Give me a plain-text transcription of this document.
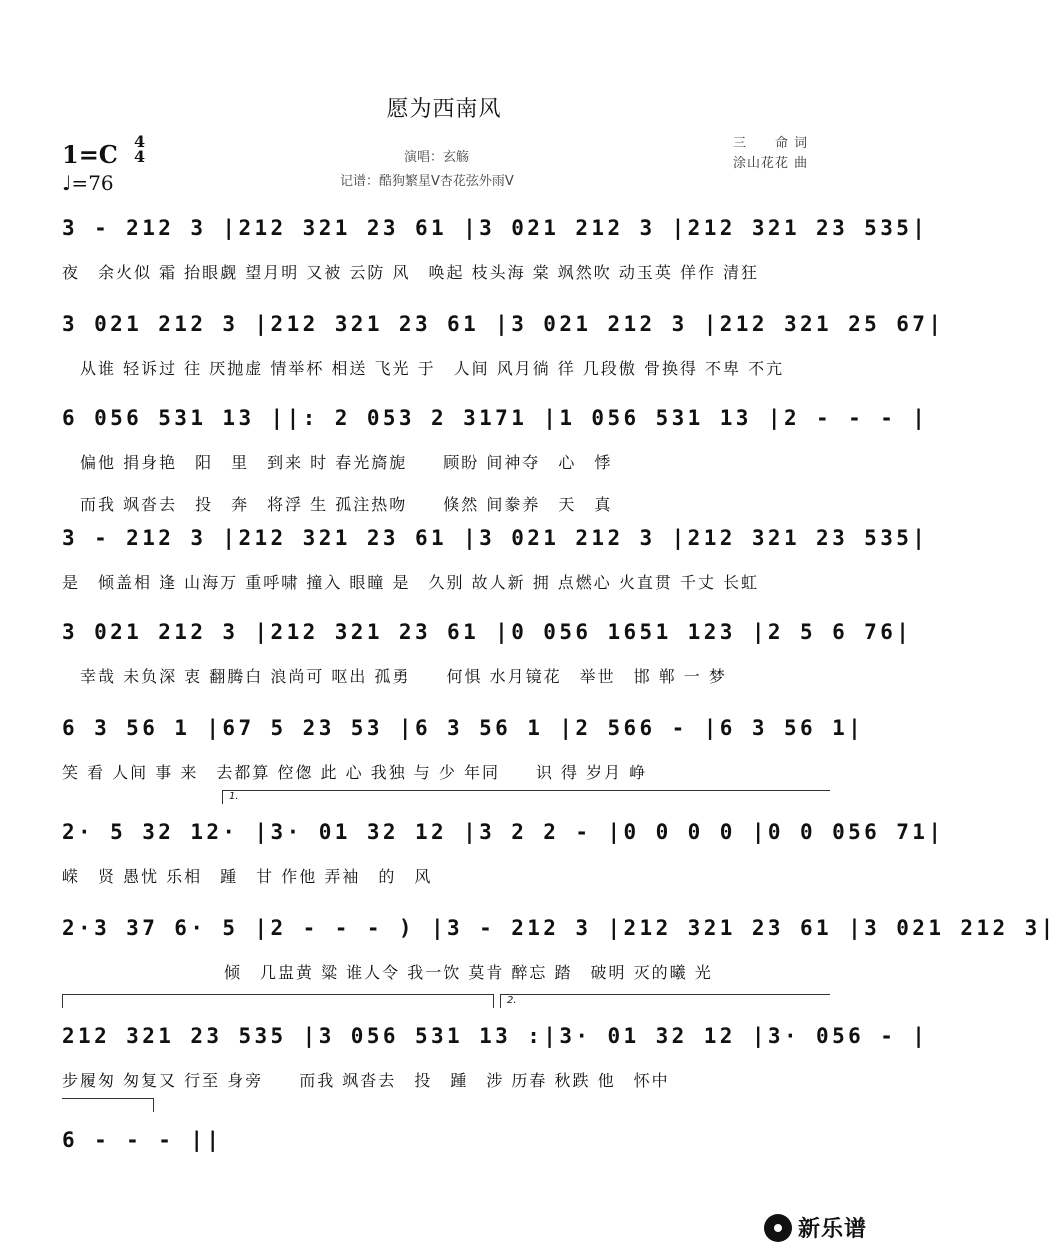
愿为西南风
1=C 4
4
♩=76
演唱：玄觞
记谱：酷狗繁星V杏花弦外雨V
三　　命 词
涂山花花 曲
3 - 212 3 |212 321 23 61 |3 021 212 3 |212 321 23 535|
夜　余火似 霜 抬眼觑 望月明 又被 云防 风　唤起 枝头海 棠 飒然吹 动玉英 佯作 清狂
3 021 212 3 |212 321 23 61 |3 021 212 3 |212 321 25 67|
　从谁 轻诉过 往 厌抛虚 情举杯 相送 飞光 于　人间 风月徜 徉 几段傲 骨换得 不卑 不亢
6 056 531 13 ||: 2 053 2 3171 |1 056 531 13 |2 - - - |
　偏他 捐身艳　阳　里　到来 时 春光旖旎　　顾盼 间神夺　心　悸
　而我 飒沓去　投　奔　将浮 生 孤注热吻　　倏然 间豢养　天　真
3 - 212 3 |212 321 23 61 |3 021 212 3 |212 321 23 535|
是　倾盖相 逢 山海万 重呼啸 撞入 眼瞳 是　久别 故人新 拥 点燃心 火直贯 千丈 长虹
3 021 212 3 |212 321 23 61 |0 056 1651 123 |2 5 6 76|
　幸哉 未负深 衷 翻腾白 浪尚可 呕出 孤勇　　何惧 水月镜花　举世　邯 郸 一 梦
6 3 56 1 |67 5 23 53 |6 3 56 1 |2 566 - |6 3 56 1|
笑 看 人间 事 来　去都算 倥偬 此 心 我独 与 少 年同　　识 得 岁月 峥
1.
2· 5 32 12· |3· 01 32 12 |3 2 2 - |0 0 0 0 |0 0 056 71|
嵘　贤 愚忧 乐相　踵　甘 作他 弄袖　的　风
2·3 37 6· 5 |2 - - - ) |3 - 212 3 |212 321 23 61 |3 021 212 3|
　　　　　　　　　倾　几盅黄 粱 谁人令 我一饮 莫肯 醉忘 踏　破明 灭的曦 光
2.
212 321 23 535 |3 056 531 13 :|3· 01 32 12 |3· 056 - |
步履匆 匆复又 行至 身旁　　而我 飒沓去　投　踵　涉 历春 秋跌 他　怀中
6 - - - ||
新乐谱
